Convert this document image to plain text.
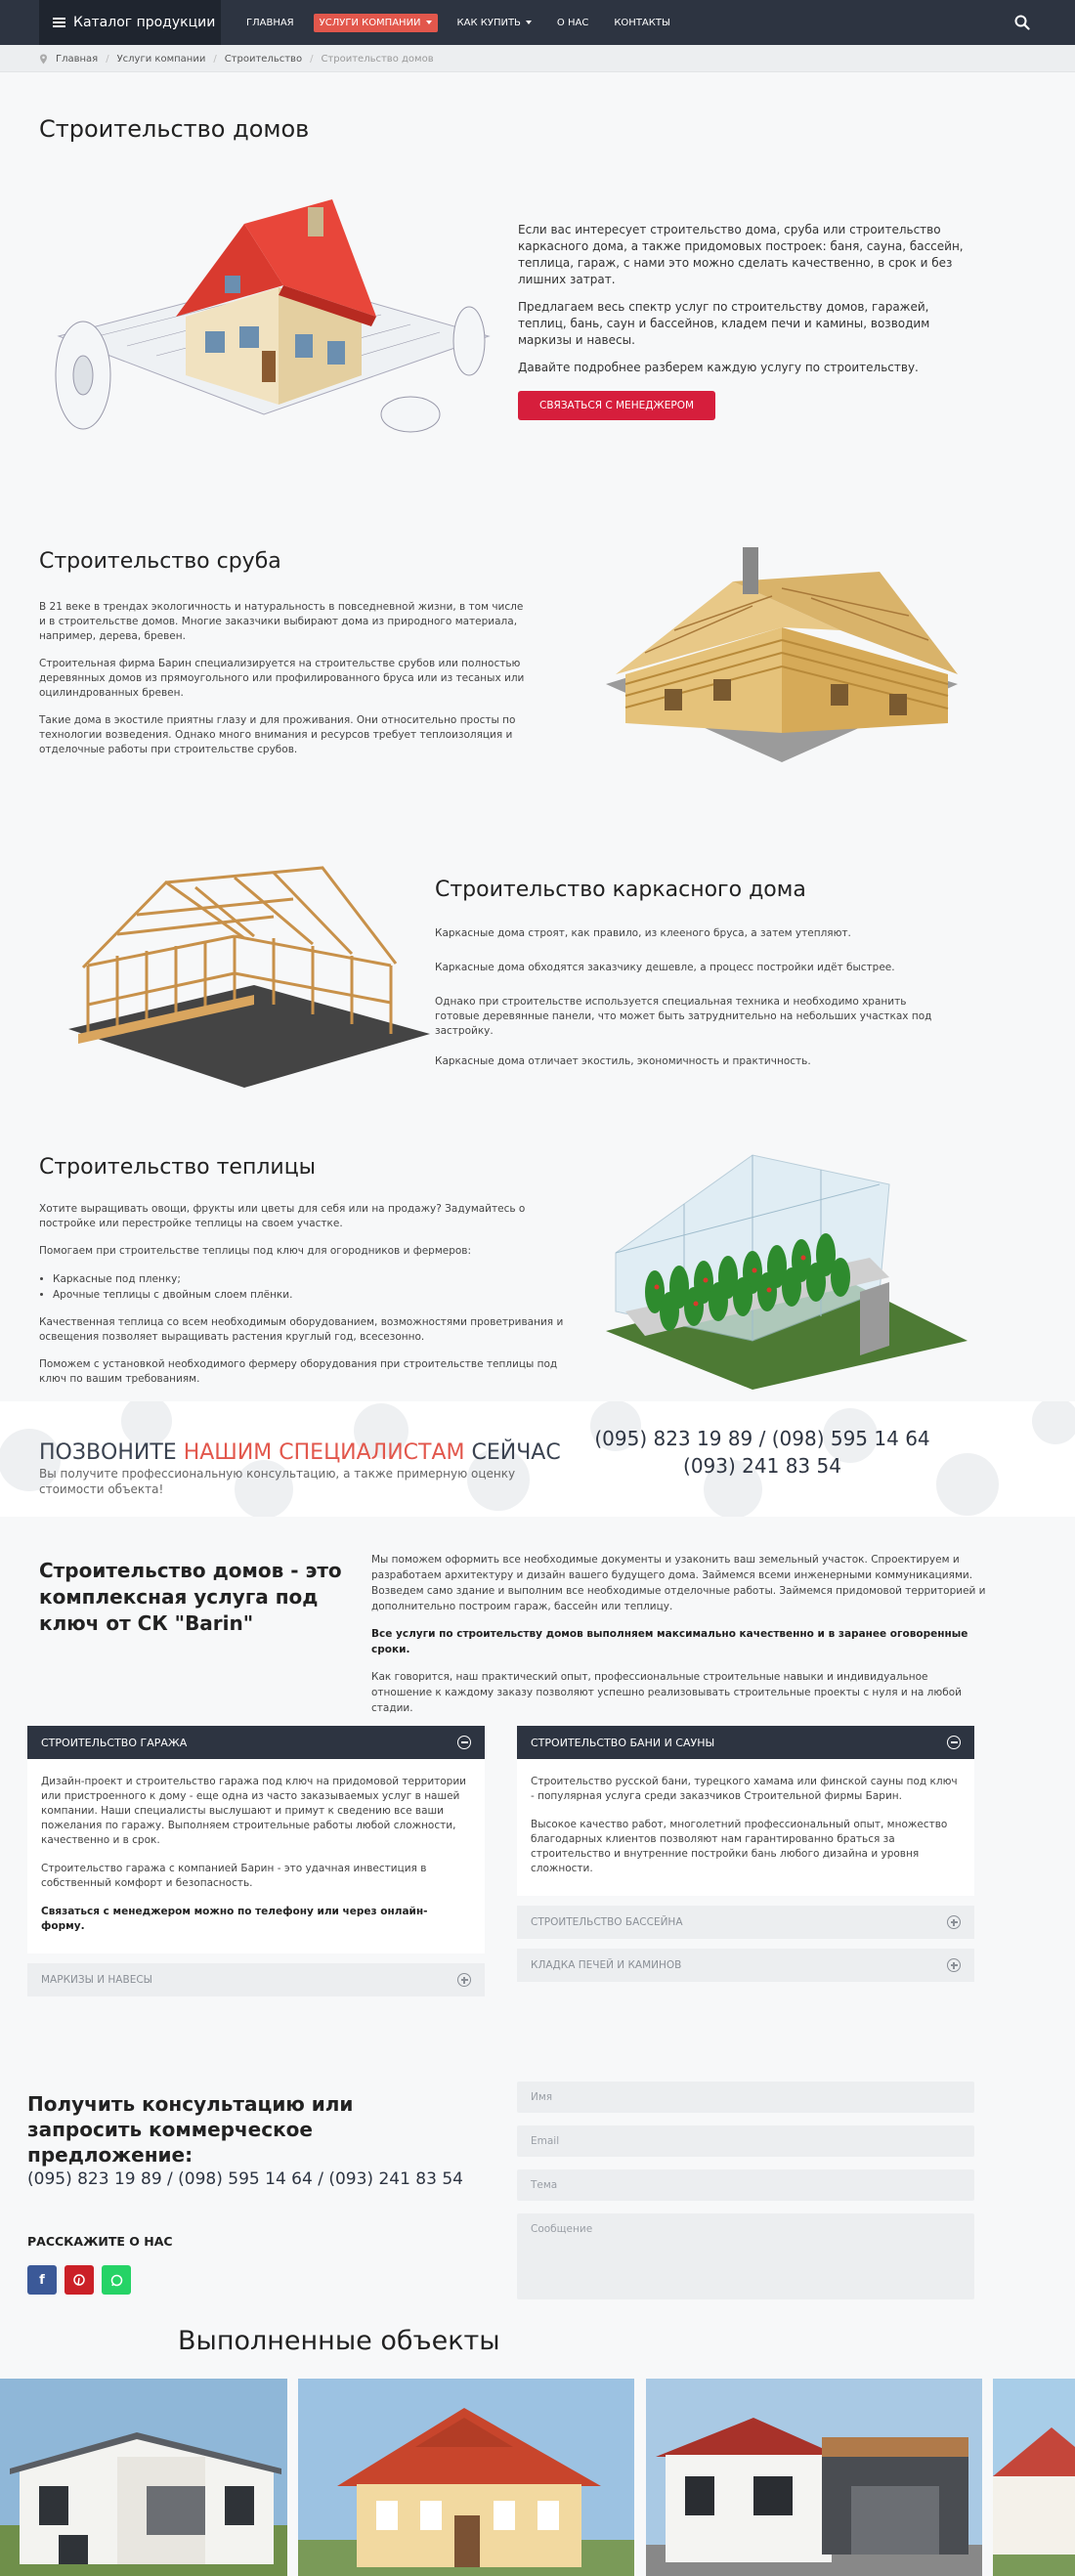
Каталог продукции	ГЛАВНАЯ	УСЛУГИ КОМПАНИИ	КАК КУПИТЬ	О НАС	КОНТАКТЫ
Главная / Услуги компании / Строительство / Строительство домов
Строительство домов

Если вас интересует строительство дома, сруба или строительство каркасного дома, а также придомовых построек: баня, сауна, бассейн, теплица, гараж, с нами это можно сделать качественно, в срок и без лишних затрат.

Предлагаем весь спектр услуг по строительству домов, гаражей, теплиц, бань, саун и бассейнов, кладем печи и камины, возводим маркизы и навесы.

Давайте подробнее разберем каждую услугу по строительству.

СВЯЗАТЬСЯ С МЕНЕДЖЕРОМ
Строительство сруба

В 21 веке в трендах экологичность и натуральность в повседневной жизни, в том числе и в строительстве домов. Многие заказчики выбирают дома из природного материала, например, дерева, бревен.

Строительная фирма Барин специализируется на строительстве срубов или полностью деревянных домов из прямоугольного или профилированного бруса или из тесаных или оцилиндрованных бревен.

Такие дома в экостиле приятны глазу и для проживания. Они относительно просты по технологии возведения. Однако много внимания и ресурсов требует теплоизоляция и отделочные работы при строительстве срубов.

Строительство каркасного дома

Каркасные дома строят, как правило, из клееного бруса, а затем утепляют.

Каркасные дома обходятся заказчику дешевле, а процесс постройки идёт быстрее.

Однако при строительстве используется специальная техника и необходимо хранить готовые деревянные панели, что может быть затруднительно на небольших участках под застройку.

Каркасные дома отличает экостиль, экономичность и практичность.

Строительство теплицы

Хотите выращивать овощи, фрукты или цветы для себя или на продажу? Задумайтесь о постройке или перестройке теплицы на своем участке.

Помогаем при строительстве теплицы под ключ для огородников и фермеров:

• Каркасные под пленку;
• Арочные теплицы с двойным слоем плёнки.

Качественная теплица со всем необходимым оборудованием, возможностями проветривания и освещения позволяет выращивать растения круглый год, всесезонно.

Поможем с установкой необходимого фермеру оборудования при строительстве теплицы под ключ по вашим требованиям.

ПОЗВОНИТЕ НАШИМ СПЕЦИАЛИСТАМ СЕЙЧАС
Вы получите профессиональную консультацию, а также примерную оценку стоимости объекта!
(095) 823 19 89 / (098) 595 14 64
(093) 241 83 54
Строительство домов - это комплексная услуга под ключ от СК "Barin"

Мы поможем оформить все необходимые документы и узаконить ваш земельный участок. Спроектируем и разработаем архитектуру и дизайн вашего будущего дома. Займемся всеми инженерными коммуникациями. Возведем само здание и выполним все необходимые отделочные работы. Займемся придомовой территорией и дополнительно построим гараж, бассейн или теплицу.

Все услуги по строительству домов выполняем максимально качественно и в заранее оговоренные сроки.

Как говорится, наш практический опыт, профессиональные строительные навыки и индивидуальное отношение к каждому заказу позволяют успешно реализовывать строительные проекты с нуля и на любой стадии.

СТРОИТЕЛЬСТВО ГАРАЖА

Дизайн-проект и строительство гаража под ключ на придомовой территории или пристроенного к дому - еще одна из часто заказываемых услуг в нашей компании. Наши специалисты выслушают и примут к сведению все ваши пожелания по гаражу. Выполняем строительные работы любой сложности, качественно и в срок.

Строительство гаража с компанией Барин - это удачная инвестиция в собственный комфорт и безопасность.

Связаться с менеджером можно по телефону или через онлайн-форму.

МАРКИЗЫ И НАВЕСЫ
СТРОИТЕЛЬСТВО БАНИ И САУНЫ

Строительство русской бани, турецкого хамама или финской сауны под ключ - популярная услуга среди заказчиков Строительной фирмы Барин.

Высокое качество работ, многолетний профессиональный опыт, множество благодарных клиентов позволяют нам гарантированно браться за строительство и внутренние постройки бань любого дизайна и уровня сложности.

СТРОИТЕЛЬСТВО БАССЕЙНА
КЛАДКА ПЕЧЕЙ И КАМИНОВ
Получить консультацию или запросить коммерческое предложение:
(095) 823 19 89 / (098) 595 14 64 / (093) 241 83 54
РАССКАЖИТЕ О НАС
f
Имя
Email
Тема
Сообщение
Выполненные объекты
